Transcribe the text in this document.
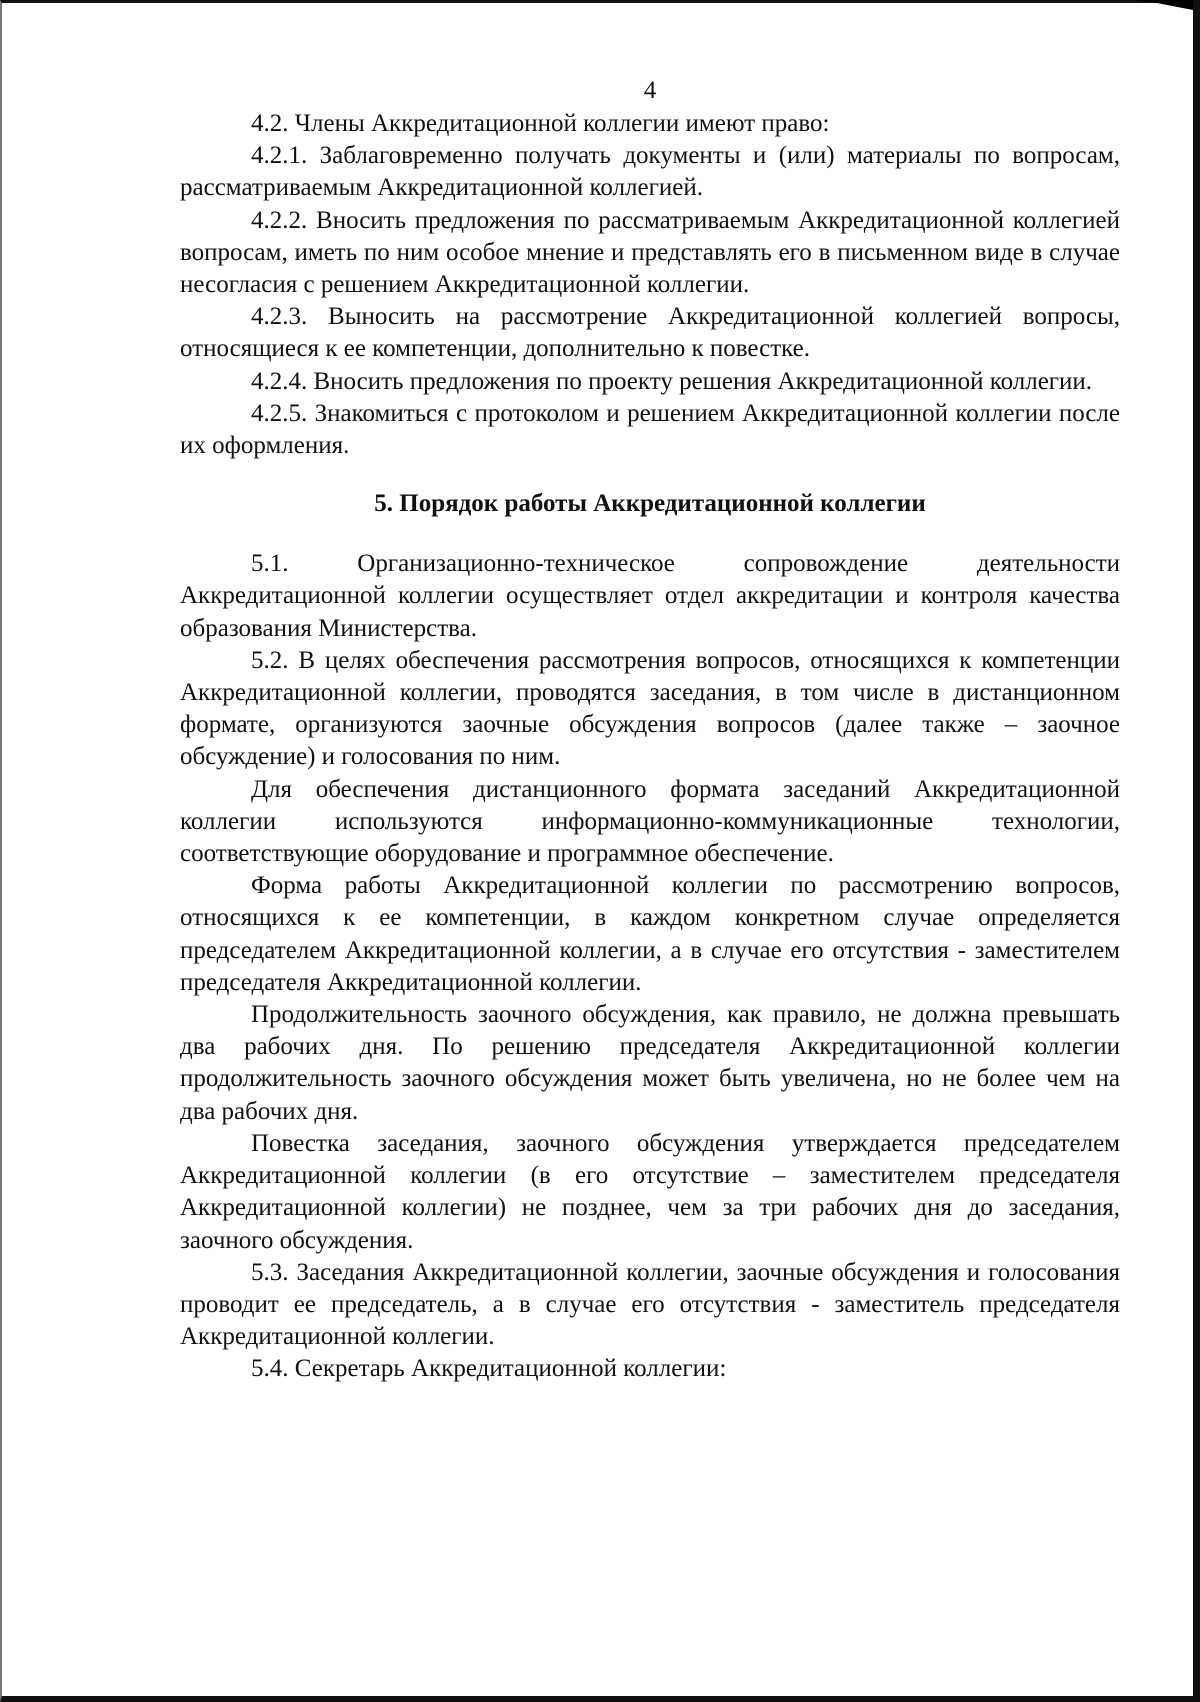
4

4.2. Члены Аккредитационной коллегии имеют право:

4.2.1. Заблаговременно получать документы и (или) материалы по вопросам, рассматриваемым Аккредитационной коллегией.

4.2.2. Вносить предложения по рассматриваемым Аккредитационной коллегией вопросам, иметь по ним особое мнение и представлять его в письменном виде в случае несогласия с решением Аккредитационной коллегии.

4.2.3. Выносить на рассмотрение Аккредитационной коллегией вопросы, относящиеся к ее компетенции, дополнительно к повестке.

4.2.4. Вносить предложения по проекту решения Аккредитационной коллегии.

4.2.5. Знакомиться с протоколом и решением Аккредитационной коллегии после их оформления.

5. Порядок работы Аккредитационной коллегии

5.1. Организационно-техническое сопровождение деятельности Аккредитационной коллегии осуществляет отдел аккредитации и контроля качества образования Министерства.

5.2. В целях обеспечения рассмотрения вопросов, относящихся к компетенции Аккредитационной коллегии, проводятся заседания, в том числе в дистанционном формате, организуются заочные обсуждения вопросов (далее также – заочное обсуждение) и голосования по ним.

Для обеспечения дистанционного формата заседаний Аккредитационной коллегии используются информационно-коммуникационные технологии, соответствующие оборудование и программное обеспечение.

Форма работы Аккредитационной коллегии по рассмотрению вопросов, относящихся к ее компетенции, в каждом конкретном случае определяется председателем Аккредитационной коллегии, а в случае его отсутствия - заместителем председателя Аккредитационной коллегии.

Продолжительность заочного обсуждения, как правило, не должна превышать два рабочих дня. По решению председателя Аккредитационной коллегии продолжительность заочного обсуждения может быть увеличена, но не более чем на два рабочих дня.

Повестка заседания, заочного обсуждения утверждается председателем Аккредитационной коллегии (в его отсутствие – заместителем председателя Аккредитационной коллегии) не позднее, чем за три рабочих дня до заседания, заочного обсуждения.

5.3. Заседания Аккредитационной коллегии, заочные обсуждения и голосования проводит ее председатель, а в случае его отсутствия - заместитель председателя Аккредитационной коллегии.

5.4. Секретарь Аккредитационной коллегии:
